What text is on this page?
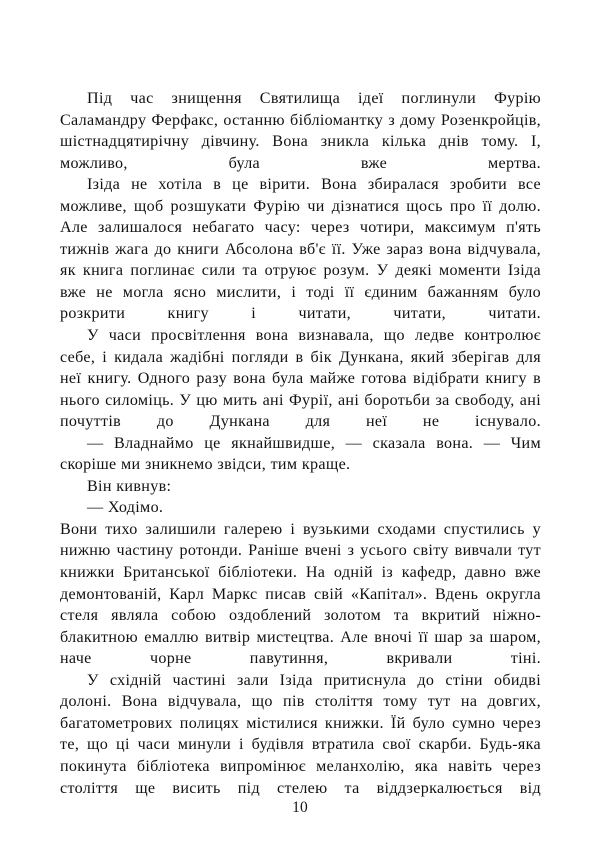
Під час знищення Святилища ідеї поглинули Фурію Саламандру Ферфакс, останню бібліомантку з дому Розенкройців, шістнадцятирічну дівчину. Вона зникла кілька днів тому. І, можливо, була вже мертва.

Ізіда не хотіла в це вірити. Вона збиралася зробити все можливе, щоб розшукати Фурію чи дізнатися щось про її долю. Але залишалося небагато часу: через чотири, максимум п'ять тижнів жага до книги Абсолона вб'є її. Уже зараз вона відчувала, як книга поглинає сили та отруює розум. У деякі моменти Ізіда вже не могла ясно мислити, і тоді її єдиним бажанням було розкрити книгу і читати, читати, читати.

У часи просвітлення вона визнавала, що ледве контролює себе, і кидала жадібні погляди в бік Дункана, який зберігав для неї книгу. Одного разу вона була майже готова відібрати книгу в нього силоміць. У цю мить ані Фурії, ані боротьби за свободу, ані почуттів до Дункана для неї не існувало.

— Владнаймо це якнайшвидше, — сказала вона. — Чим скоріше ми зникнемо звідси, тим краще.

Він кивнув:

— Ходімо.

Вони тихо залишили галерею і вузькими сходами спустились у нижню частину ротонди. Раніше вчені з усього світу вивчали тут книжки Британської бібліотеки. На одній із кафедр, давно вже демонтованій, Карл Маркс писав свій «Капітал». Вдень округла стеля являла собою оздоблений золотом та вкритий ніжно-блакитною емаллю витвір мистецтва. Але вночі її шар за шаром, наче чорне павутиння, вкривали тіні.

У східній частині зали Ізіда притиснула до стіни обидві долоні. Вона відчувала, що пів століття тому тут на довгих, багатометрових полицях містилися книжки. Їй було сумно через те, що ці часи минули і будівля втратила свої скарби. Будь-яка покинута бібліотека випромінює меланхолію, яка навіть через століття ще висить під стелею та віддзеркалюється від

10
